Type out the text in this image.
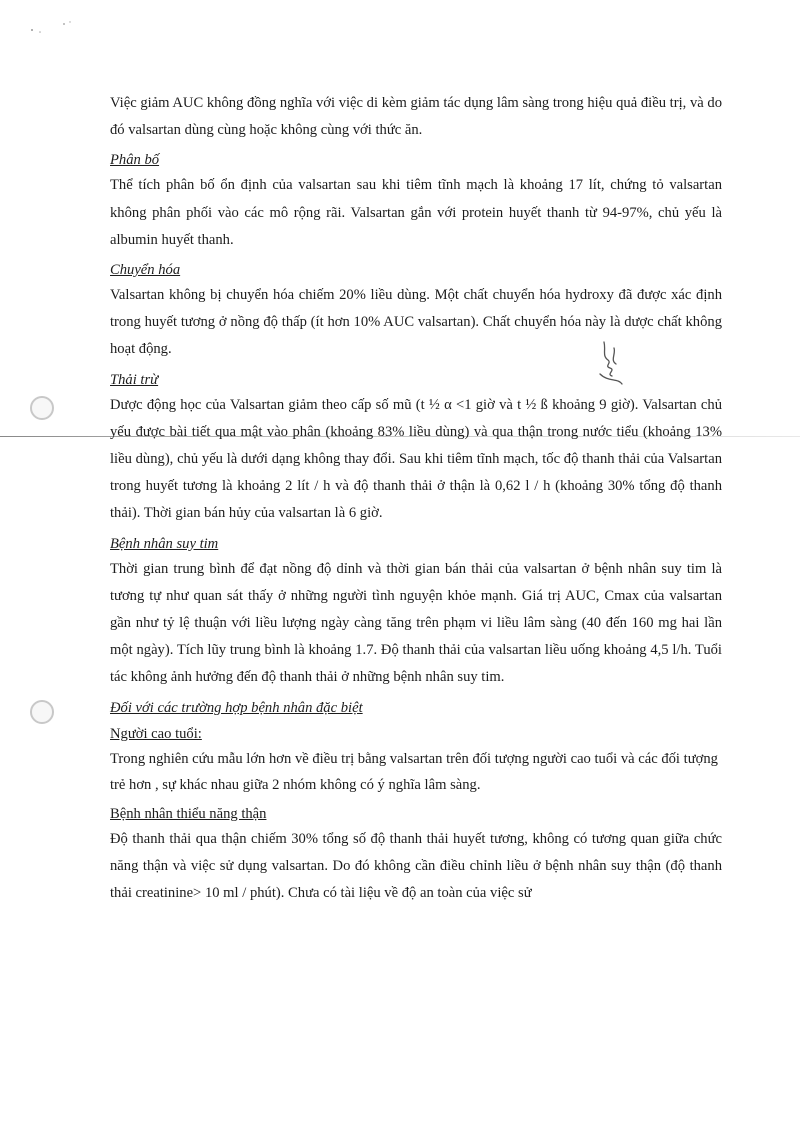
Việc giảm AUC không đồng nghĩa với việc di kèm giảm tác dụng lâm sàng trong hiệu quả điều trị, và do đó valsartan dùng cùng hoặc không cùng với thức ăn.

Phân bố

Thể tích phân bố ổn định của valsartan sau khi tiêm tĩnh mạch là khoảng 17 lít, chứng tỏ valsartan không phân phối vào các mô rộng rãi. Valsartan gắn với protein huyết thanh từ 94-97%, chủ yếu là albumin huyết thanh.

Chuyển hóa

Valsartan không bị chuyển hóa chiếm 20% liều dùng. Một chất chuyển hóa hydroxy đã được xác định trong huyết tương ở nồng độ thấp (ít hơn 10% AUC valsartan). Chất chuyển hóa này là dược chất không hoạt động.

Thải trừ

Dược động học của Valsartan giảm theo cấp số mũ (t ½ α <1 giờ và t ½ ß khoảng 9 giờ). Valsartan chủ yếu được bài tiết qua mật vào phân (khoảng 83% liều dùng) và qua thận trong nước tiểu (khoảng 13% liều dùng), chủ yếu là dưới dạng không thay đổi. Sau khi tiêm tĩnh mạch, tốc độ thanh thải của Valsartan trong huyết tương là khoảng 2 lít / h và độ thanh thải ở thận là 0,62 l / h (khoảng 30% tổng độ thanh thải). Thời gian bán hủy của valsartan là 6 giờ.

Bệnh nhân suy tim

Thời gian trung bình để đạt nồng độ dỉnh và thời gian bán thải của valsartan ở bệnh nhân suy tim là tương tự như quan sát thấy ở những người tình nguyện khỏe mạnh. Giá trị AUC, Cmax của valsartan gần như tỷ lệ thuận với liều lượng ngày càng tăng trên phạm vi liều lâm sàng (40 đến 160 mg hai lần một ngày). Tích lũy trung bình là khoảng 1.7. Độ thanh thải của valsartan liều uống khoảng 4,5 l/h. Tuổi tác không ảnh hưởng đến độ thanh thải ở những bệnh nhân suy tim.

Đối với các trường hợp bệnh nhân đặc biệt
Người cao tuổi:

Trong nghiên cứu mẫu lớn hơn về điều trị bằng valsartan trên đối tượng người cao tuổi và các đối tượng trẻ hơn , sự khác nhau giữa 2 nhóm không có ý nghĩa lâm sàng.

Bệnh nhân thiểu năng thận

Độ thanh thải qua thận chiếm 30% tổng số độ thanh thải huyết tương, không có tương quan giữa chức năng thận và việc sử dụng valsartan. Do đó không cần điều chỉnh liều ở bệnh nhân suy thận (độ thanh thải creatinine> 10 ml / phút). Chưa có tài liệu về độ an toàn của việc sử
